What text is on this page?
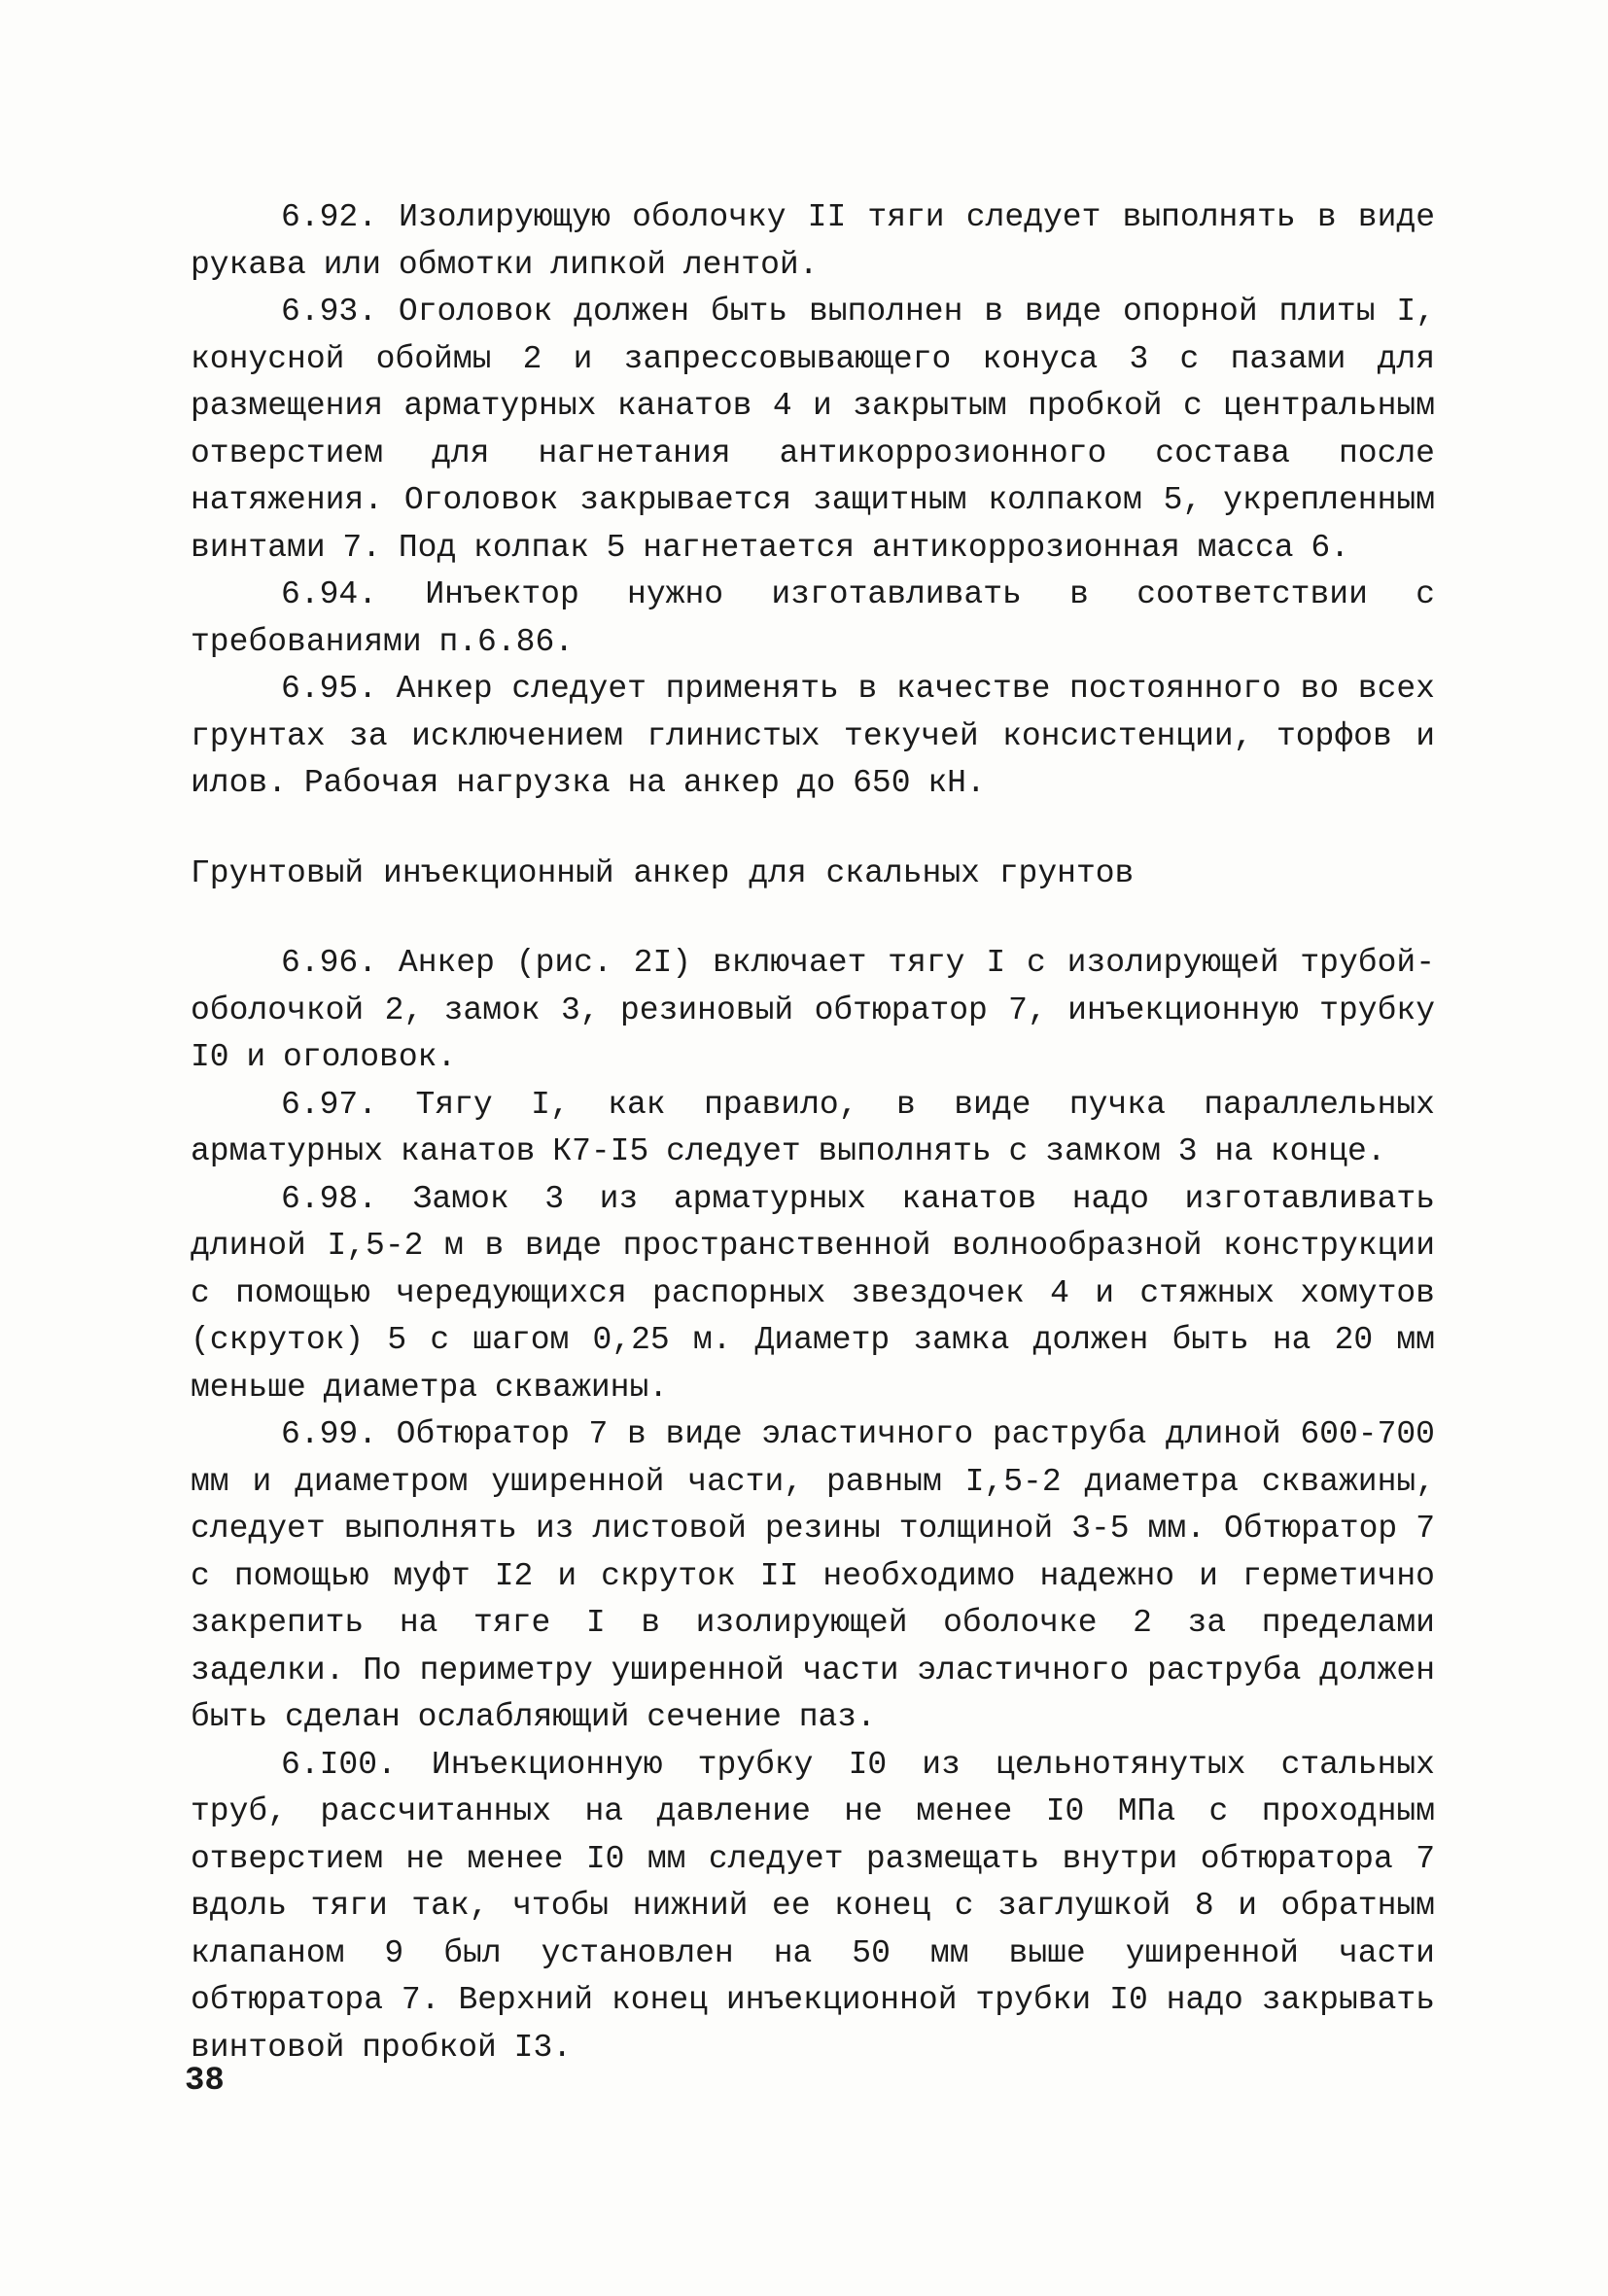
6.92. Изолирующую оболочку II тяги следует выполнять в виде рукава или обмотки липкой лентой.

6.93. Оголовок должен быть выполнен в виде опорной плиты I, конусной обоймы 2 и запрессовывающего конуса 3 с пазами для размещения арматурных канатов 4 и закрытым пробкой с центральным отверстием для нагнетания антикоррозионного состава после натяжения. Оголовок закрывается защитным колпаком 5, укрепленным винтами 7. Под колпак 5 нагнетается антикоррозионная масса 6.

6.94. Инъектор нужно изготавливать в соответствии с требованиями п.6.86.

6.95. Анкер следует применять в качестве постоянного во всех грунтах за исключением глинистых текучей консистенции, торфов и илов. Рабочая нагрузка на анкер до 650 кН.

Грунтовый инъекционный анкер для скальных грунтов

6.96. Анкер (рис. 2I) включает тягу I с изолирующей трубой-оболочкой 2, замок 3, резиновый обтюратор 7, инъекционную трубку I0 и оголовок.

6.97. Тягу I, как правило, в виде пучка параллельных арматурных канатов К7-I5 следует выполнять с замком 3 на конце.

6.98. Замок 3 из арматурных канатов надо изготавливать длиной I,5-2 м в виде пространственной волнообразной конструкции с помощью чередующихся распорных звездочек 4 и стяжных хомутов (скруток) 5 с шагом 0,25 м. Диаметр замка должен быть на 20 мм меньше диаметра скважины.

6.99. Обтюратор 7 в виде эластичного раструба длиной 600-700 мм и диаметром уширенной части, равным I,5-2 диаметра скважины, следует выполнять из листовой резины толщиной 3-5 мм. Обтюратор 7 с помощью муфт I2 и скруток II необходимо надежно и герметично закрепить на тяге I в изолирующей оболочке 2 за пределами заделки. По периметру уширенной части эластичного раструба должен быть сделан ослабляющий сечение паз.

6.I00. Инъекционную трубку I0 из цельнотянутых стальных труб, рассчитанных на давление не менее I0 МПа с проходным отверстием не менее I0 мм следует размещать внутри обтюратора 7 вдоль тяги так, чтобы нижний ее конец с заглушкой 8 и обратным клапаном 9 был установлен на 50 мм выше уширенной части обтюратора 7. Верхний конец инъекционной трубки I0 надо закрывать винтовой пробкой I3.

38
